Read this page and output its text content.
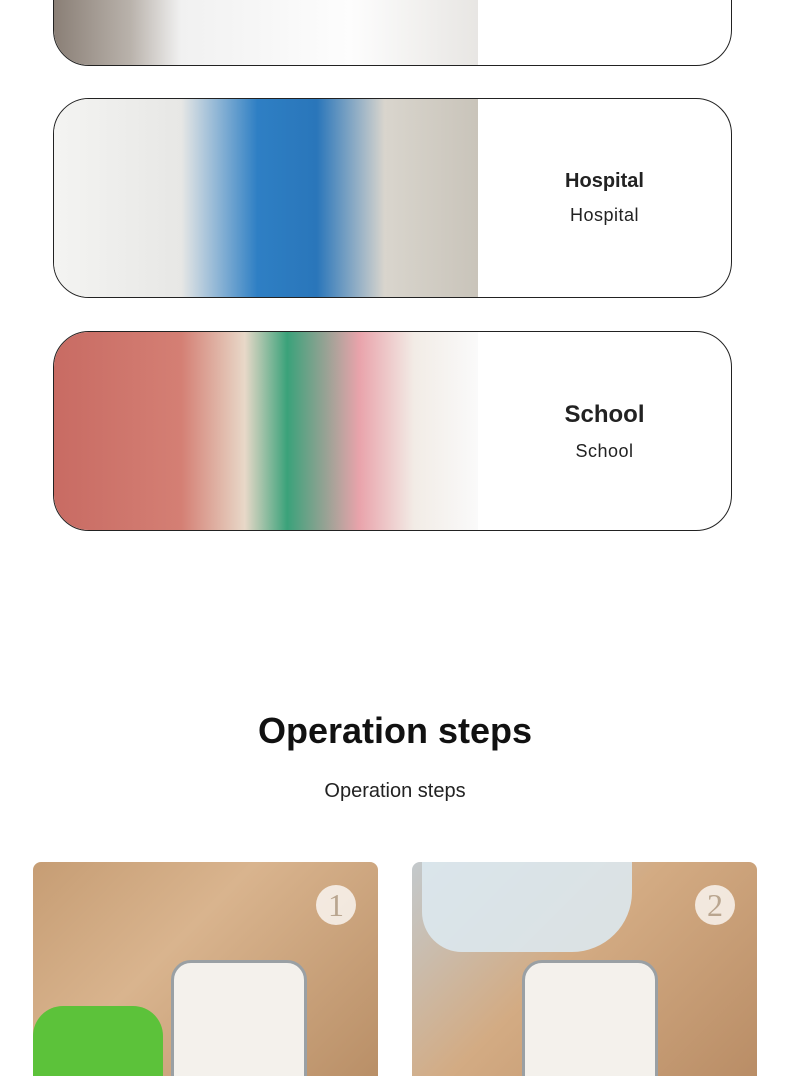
Hospital
Hospital
School
School
Operation steps
Operation steps
1	2
